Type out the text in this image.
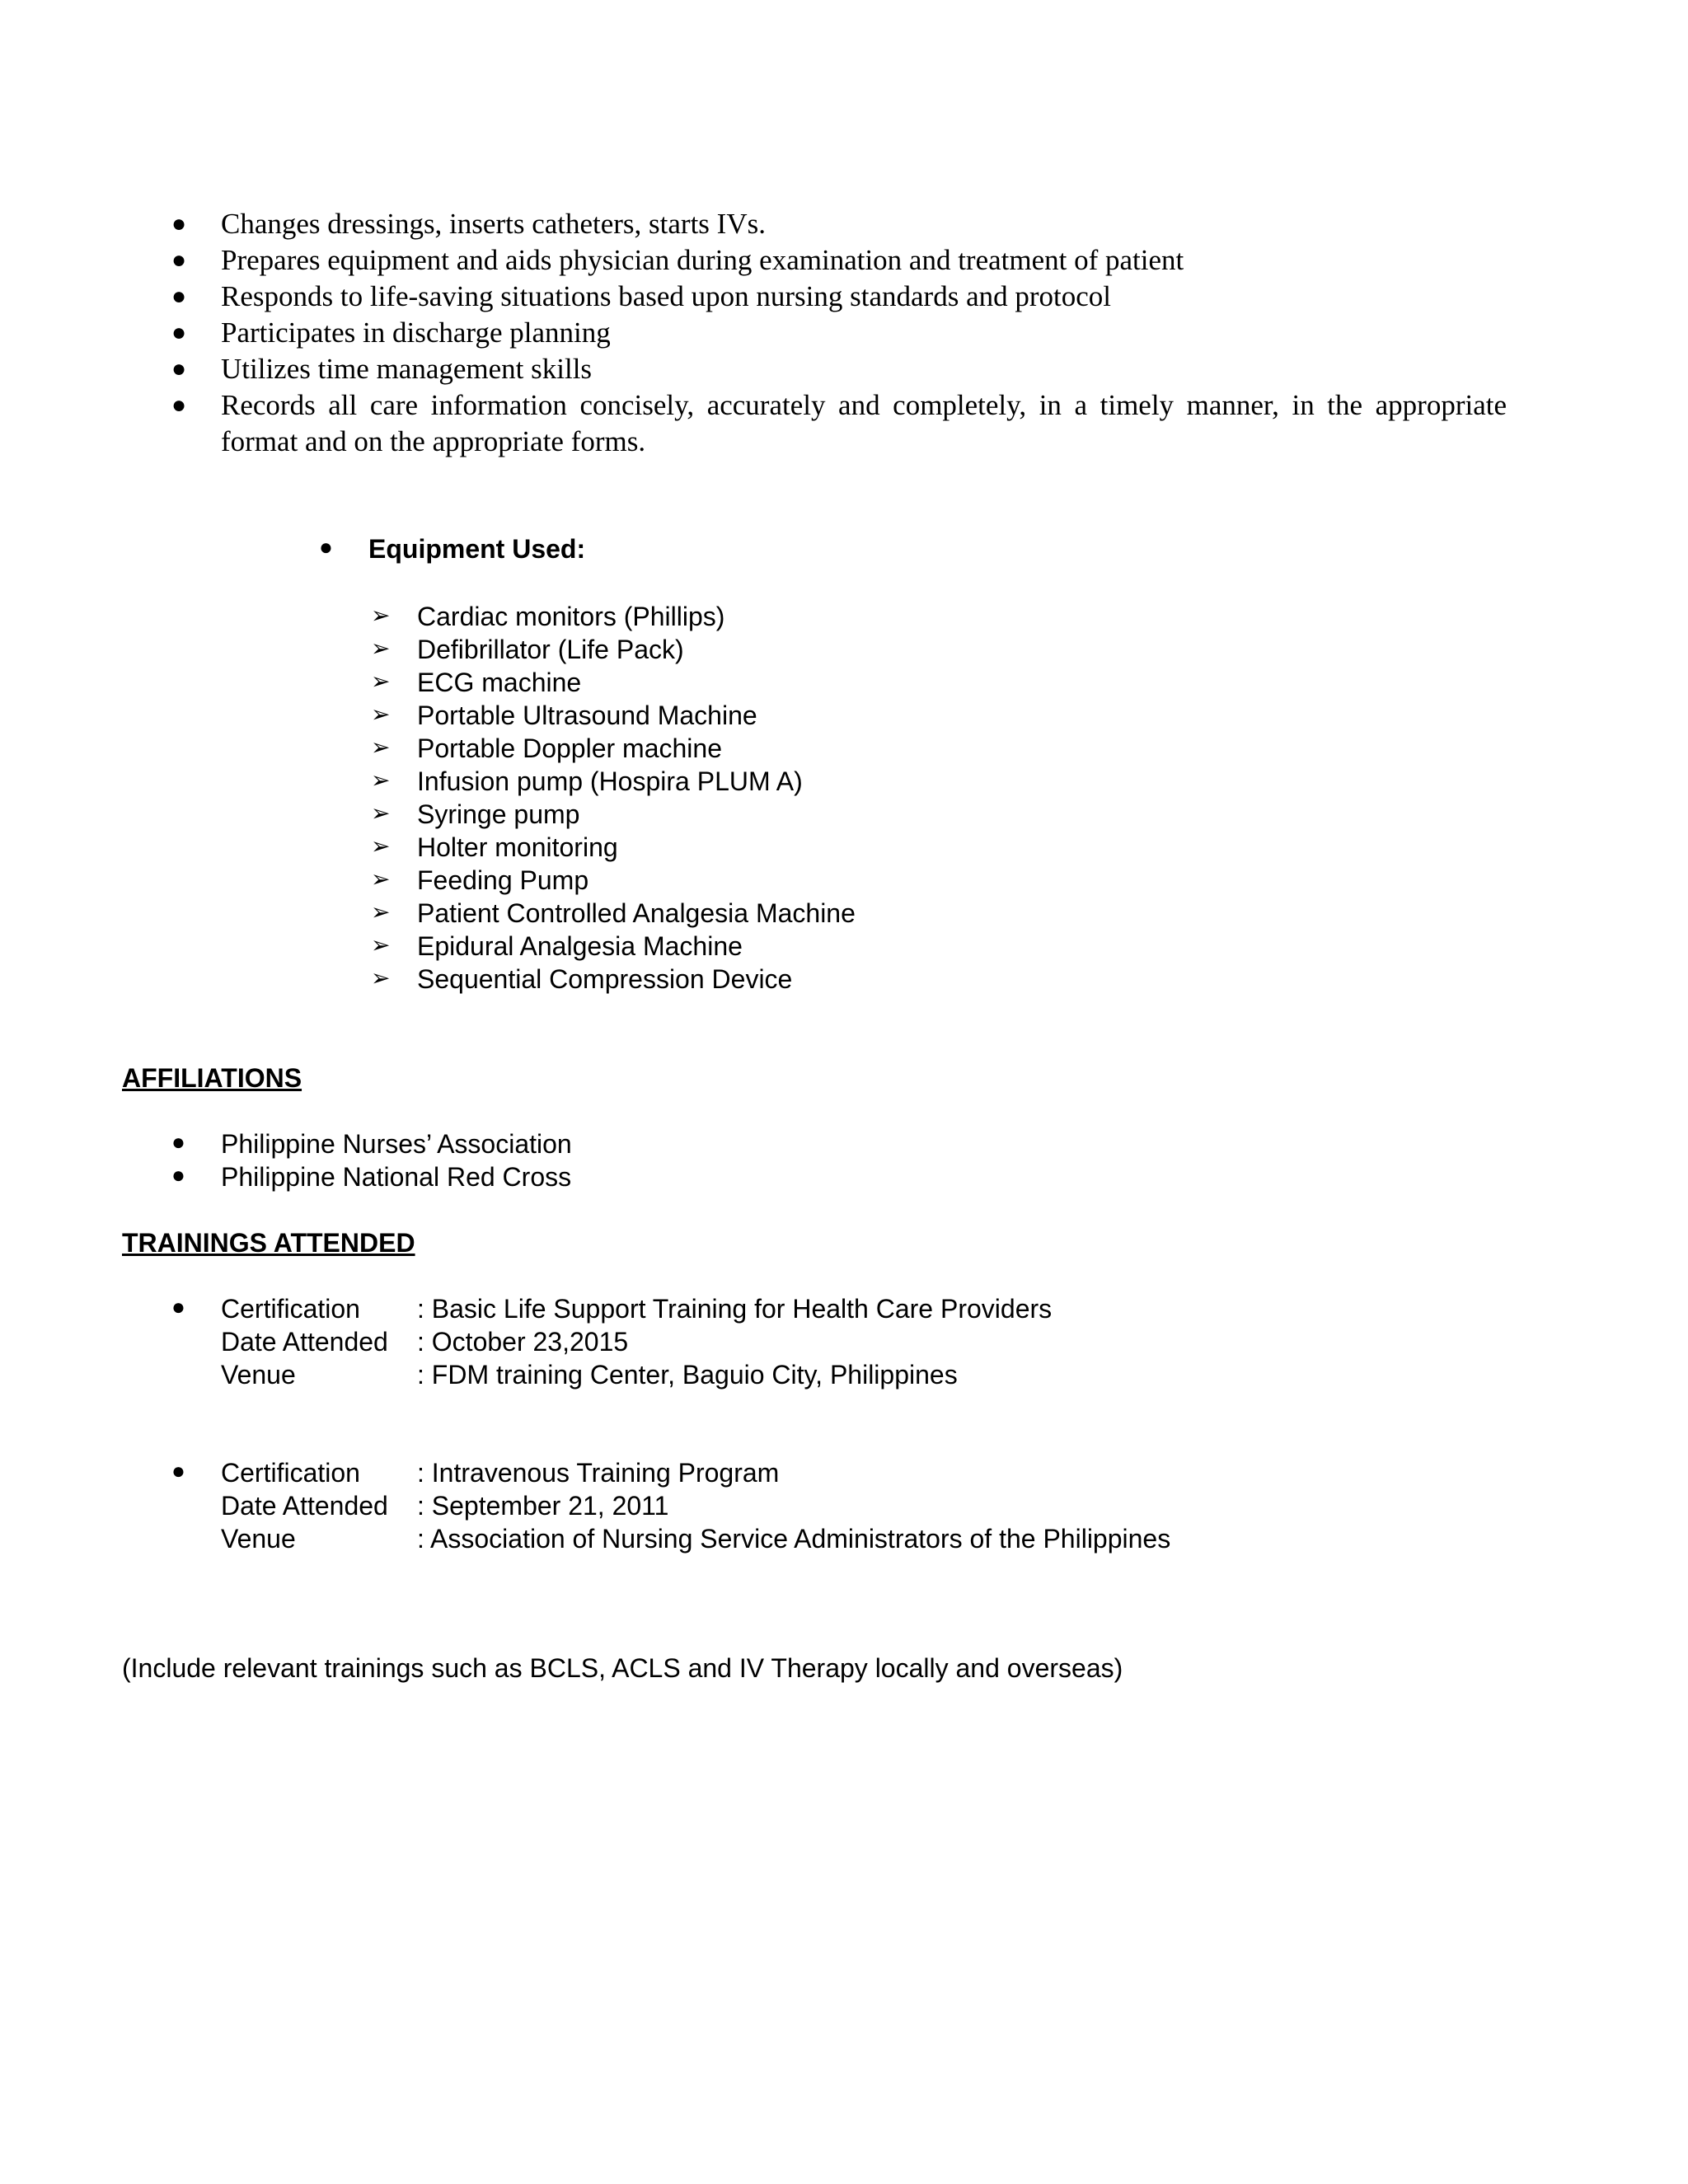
● Changes dressings, inserts catheters, starts IVs.
● Prepares equipment and aids physician during examination and treatment of patient
● Responds to life-saving situations based upon nursing standards and protocol
● Participates in discharge planning
● Utilizes time management skills
● Records all care information concisely, accurately and completely, in a timely manner, in the appropriate format and on the appropriate forms.
● Equipment Used:
➢ Cardiac monitors (Phillips)
➢ Defibrillator (Life Pack)
➢ ECG machine
➢ Portable Ultrasound Machine
➢ Portable Doppler machine
➢ Infusion pump (Hospira PLUM A)
➢ Syringe pump
➢ Holter monitoring
➢ Feeding Pump
➢ Patient Controlled Analgesia Machine
➢ Epidural Analgesia Machine
➢ Sequential Compression Device
AFFILIATIONS
● Philippine Nurses’ Association
● Philippine National Red Cross
TRAININGS ATTENDED
● Certification : Basic Life Support Training for Health Care Providers
Date Attended : October 23,2015
Venue	: FDM training Center, Baguio City, Philippines
● Certification : Intravenous Training Program
Date Attended : September 21, 2011
Venue	: Association of Nursing Service Administrators of the Philippines
(Include relevant trainings such as BCLS, ACLS and IV Therapy locally and overseas)
